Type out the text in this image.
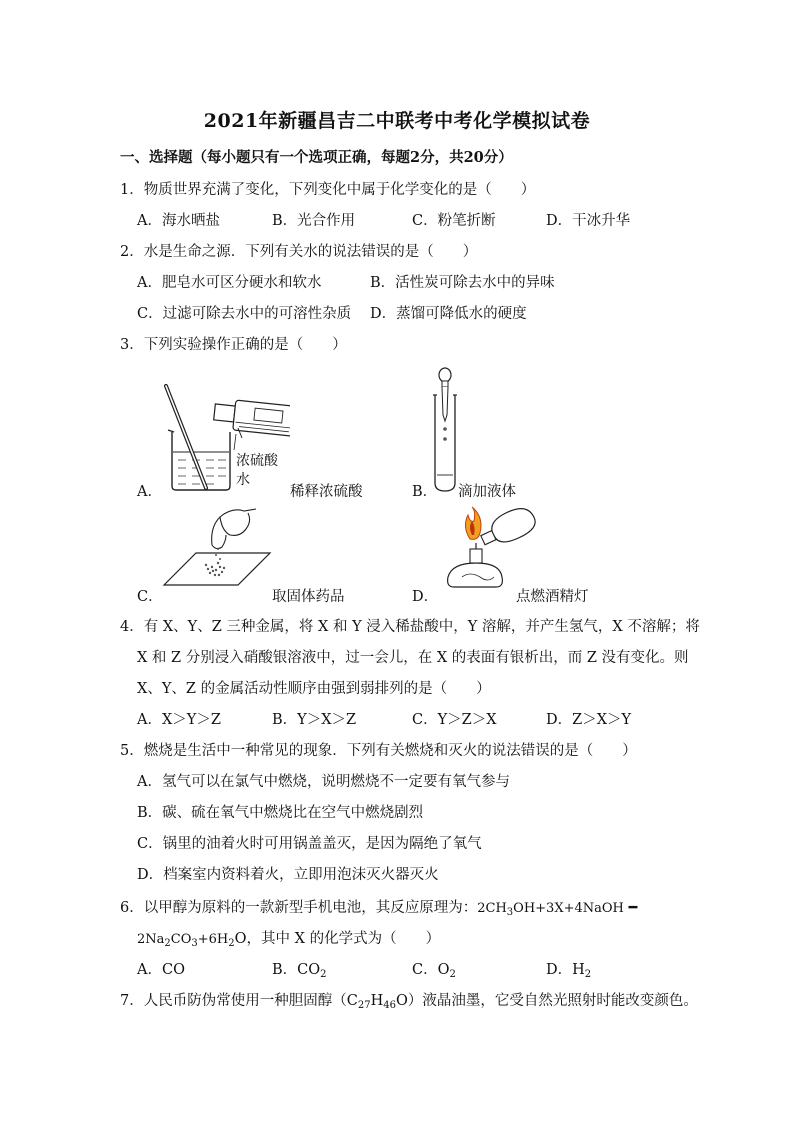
2021年新疆昌吉二中联考中考化学模拟试卷
一、选择题（每小题只有一个选项正确，每题2分，共20分）
1．物质世界充满了变化，下列变化中属于化学变化的是（　　）
A．海水晒盐	B．光合作用	C．粉笔折断	D．干冰升华
2．水是生命之源．下列有关水的说法错误的是（　　）
A．肥皂水可区分硬水和软水	B．活性炭可除去水中的异味
C．过滤可除去水中的可溶性杂质 D．蒸馏可降低水的硬度
3．下列实验操作正确的是（　　）
浓硫酸
水
A．	稀释浓硫酸	B． 滴加液体
C．	取固体药品	D．	点燃酒精灯
4．有 X、Y、Z 三种金属，将 X 和 Y 浸入稀盐酸中，Y 溶解，并产生氢气，X 不溶解；将
X 和 Z 分别浸入硝酸银溶液中，过一会儿，在 X 的表面有银析出，而 Z 没有变化。则
X、Y、Z 的金属活动性顺序由强到弱排列的是（　　）
A．X＞Y＞Z	B．Y＞X＞Z	C．Y＞Z＞X	D．Z＞X＞Y
5．燃烧是生活中一种常见的现象．下列有关燃烧和灭火的说法错误的是（　　）
A．氢气可以在氯气中燃烧，说明燃烧不一定要有氧气参与
B．碳、硫在氧气中燃烧比在空气中燃烧剧烈
C．锅里的油着火时可用锅盖盖灭，是因为隔绝了氧气
D．档案室内资料着火，立即用泡沫灭火器灭火
6．以甲醇为原料的一款新型手机电池，其反应原理为：$2CH_3OH+3X+4NaOH$ ━
$2Na_2CO_3+6H_2O$，其中 X 的化学式为（　　）
A．CO	B．$CO_2$	C．$O_2$	D．$H_2$
7．人民币防伪常使用一种胆固醇$(C_{27}H_{46}O)$液晶油墨，它受自然光照射时能改变颜色。
